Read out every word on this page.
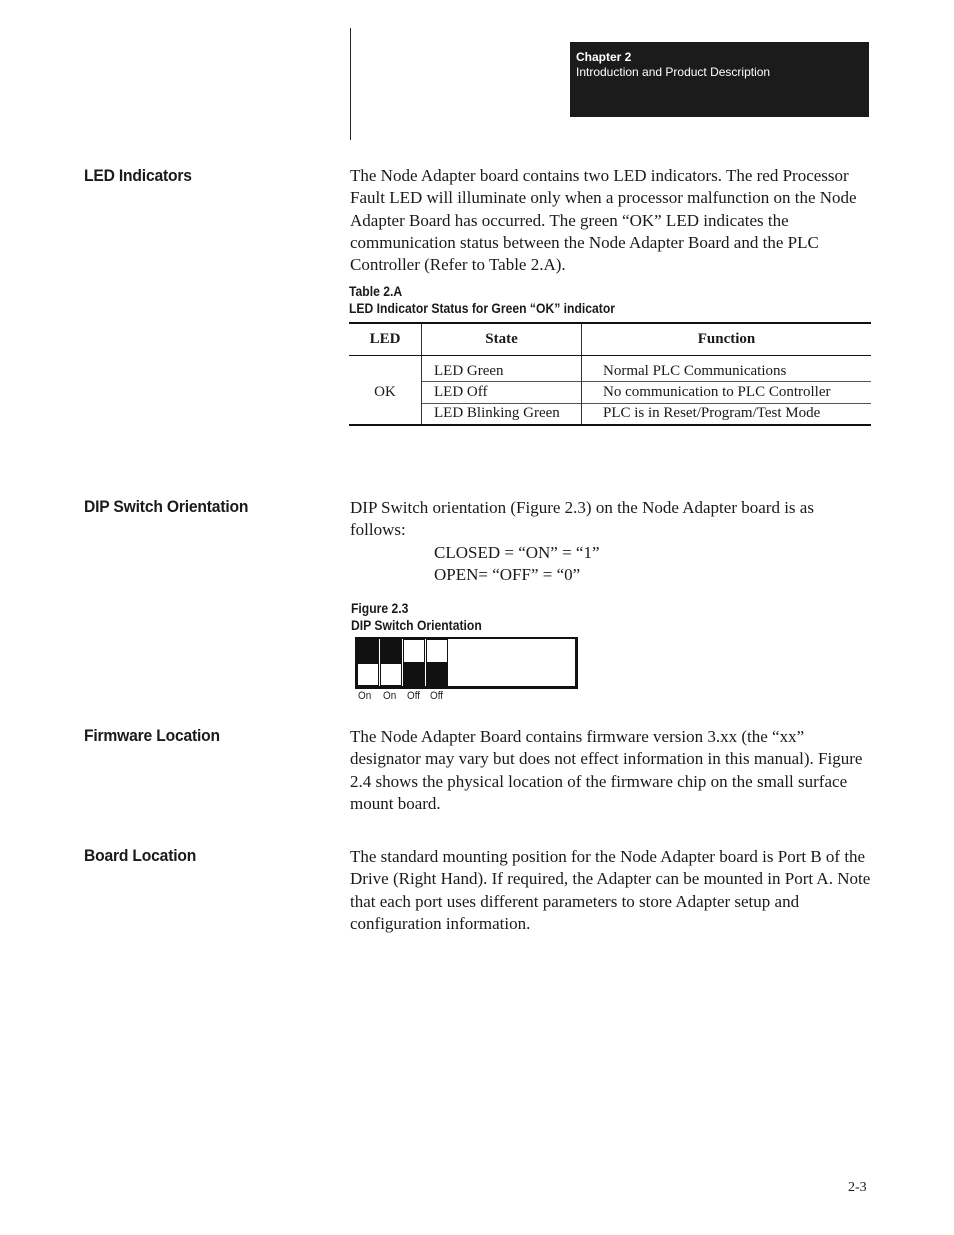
Chapter 2
Introduction and Product Description
LED Indicators	The Node Adapter board contains two LED indicators. The red Processor Fault LED will illuminate only when a processor malfunction on the Node Adapter Board has occurred. The green “OK” LED indicates the communication status between the Node Adapter Board and the PLC Controller (Refer to Table 2.A).

Table 2.A
LED Indicator Status for Green “OK” indicator
LED	State	Function
OK	LED Green	Normal PLC Communications
	LED Off	No communication to PLC Controller
	LED Blinking Green	PLC is in Reset/Program/Test Mode
DIP Switch Orientation	DIP Switch orientation (Figure 2.3) on the Node Adapter board is as follows:

CLOSED = “ON” = “1”

OPEN= “OFF” = “0”

Figure 2.3
DIP Switch Orientation
On On Off Off
Firmware Location	The Node Adapter Board contains firmware version 3.xx (the “xx” designator may vary but does not effect information in this manual). Figure 2.4 shows the physical location of the firmware chip on the small surface mount board.

Board Location	The standard mounting position for the Node Adapter board is Port B of the Drive (Right Hand). If required, the Adapter can be mounted in Port A. Note that each port uses different parameters to store Adapter setup and configuration information.

2-3
